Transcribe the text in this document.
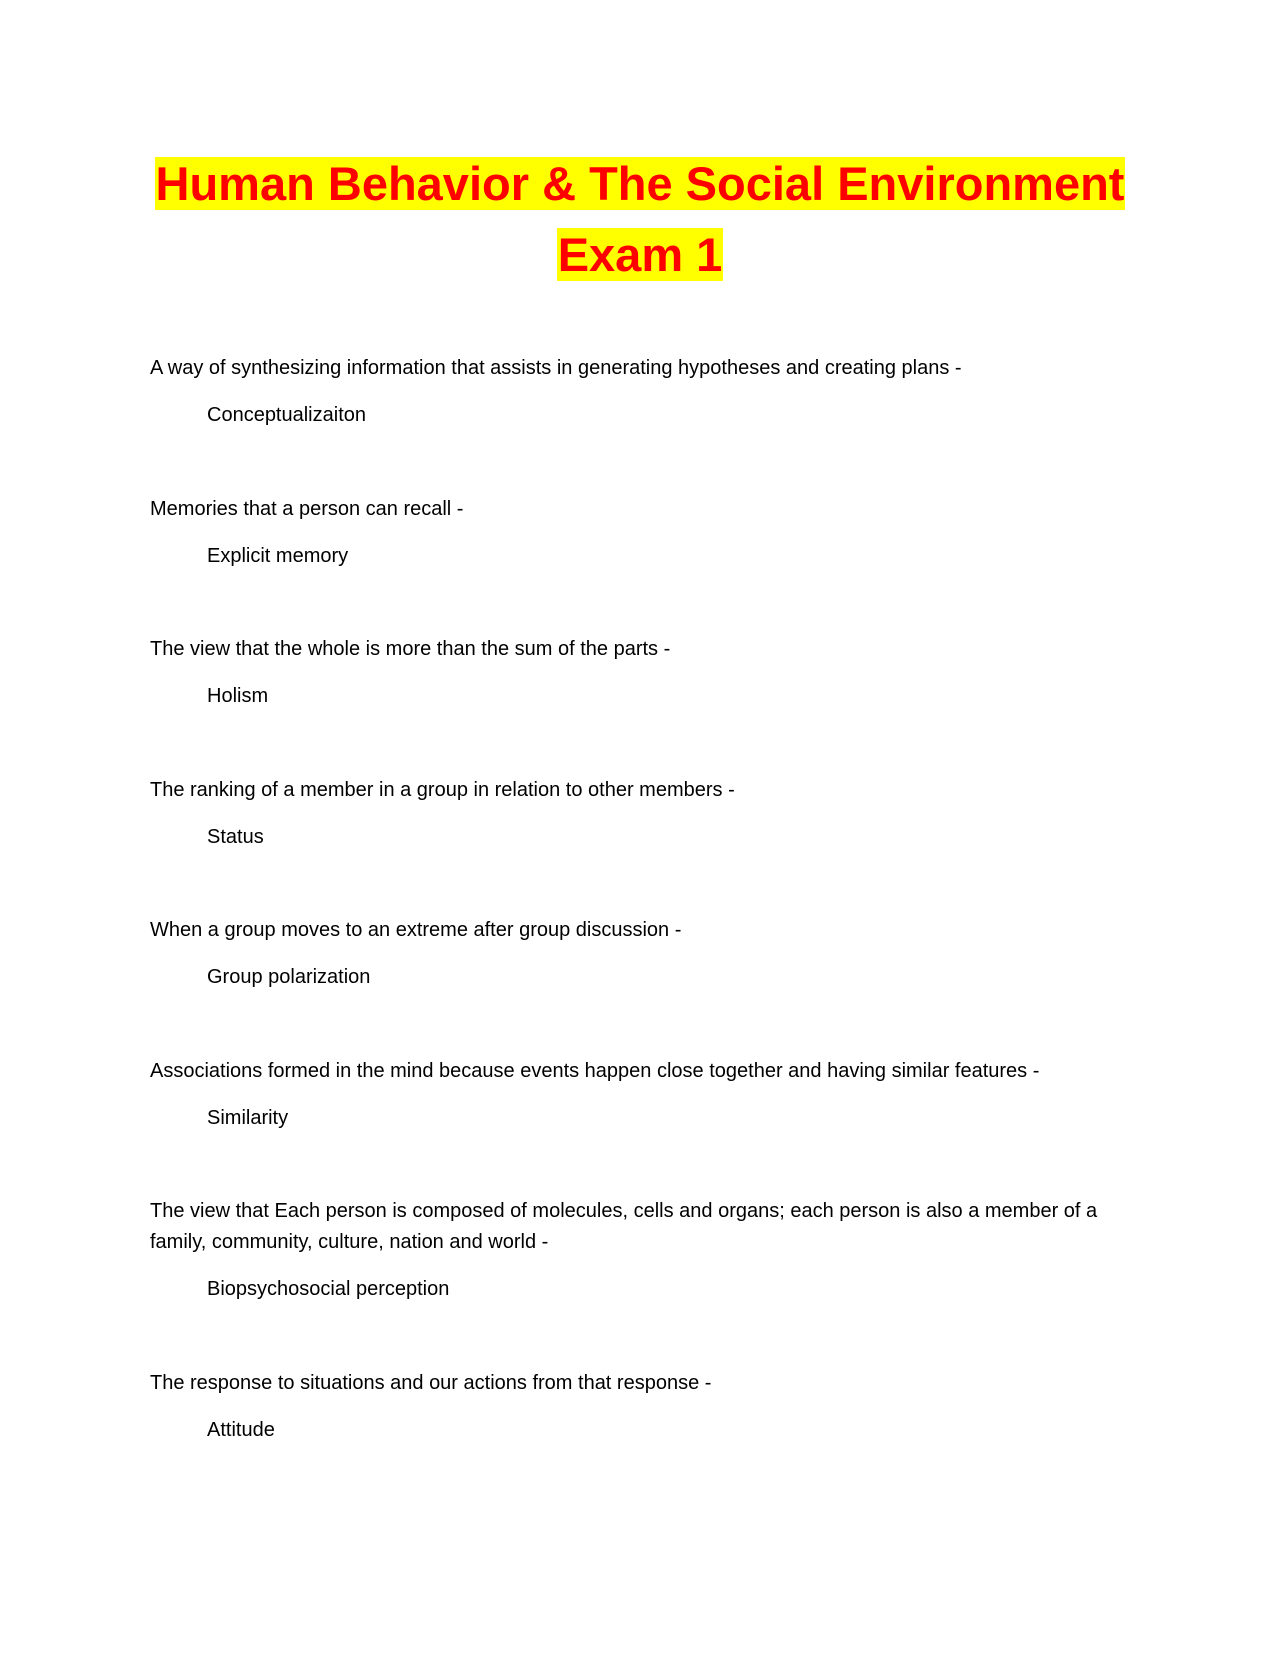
Human Behavior & The Social Environment
Exam 1

A way of synthesizing information that assists in generating hypotheses and creating plans -

Conceptualizaiton

Memories that a person can recall -

Explicit memory

The view that the whole is more than the sum of the parts -

Holism

The ranking of a member in a group in relation to other members -

Status

When a group moves to an extreme after group discussion -

Group polarization

Associations formed in the mind because events happen close together and having similar features -

Similarity

The view that Each person is composed of molecules, cells and organs; each person is also a member of a family, community, culture, nation and world -

Biopsychosocial perception

The response to situations and our actions from that response -

Attitude
